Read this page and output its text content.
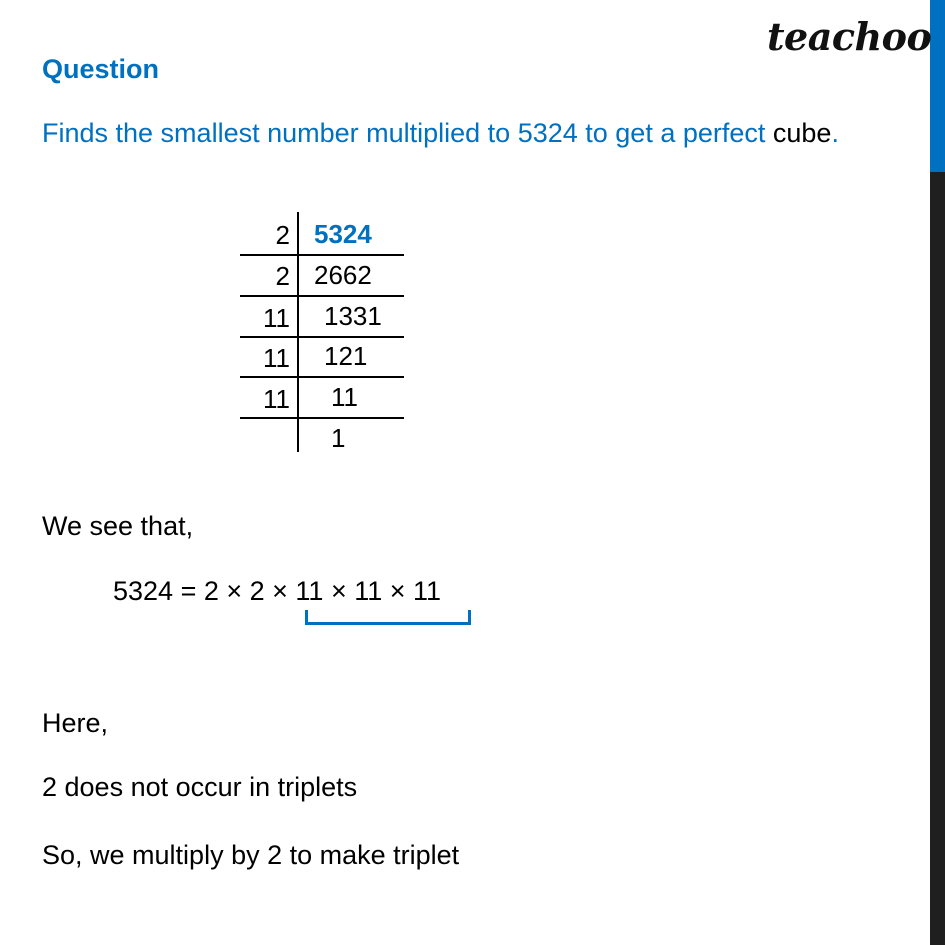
teachoo
Question
Finds the smallest number multiplied to 5324 to get a perfect cube.
2 5324
2 2662
11 1331
11 121
11 11
1
We see that,
5324 = 2 × 2 × 11 × 11 × 11
Here,
2 does not occur in triplets
So, we multiply by 2 to make triplet
